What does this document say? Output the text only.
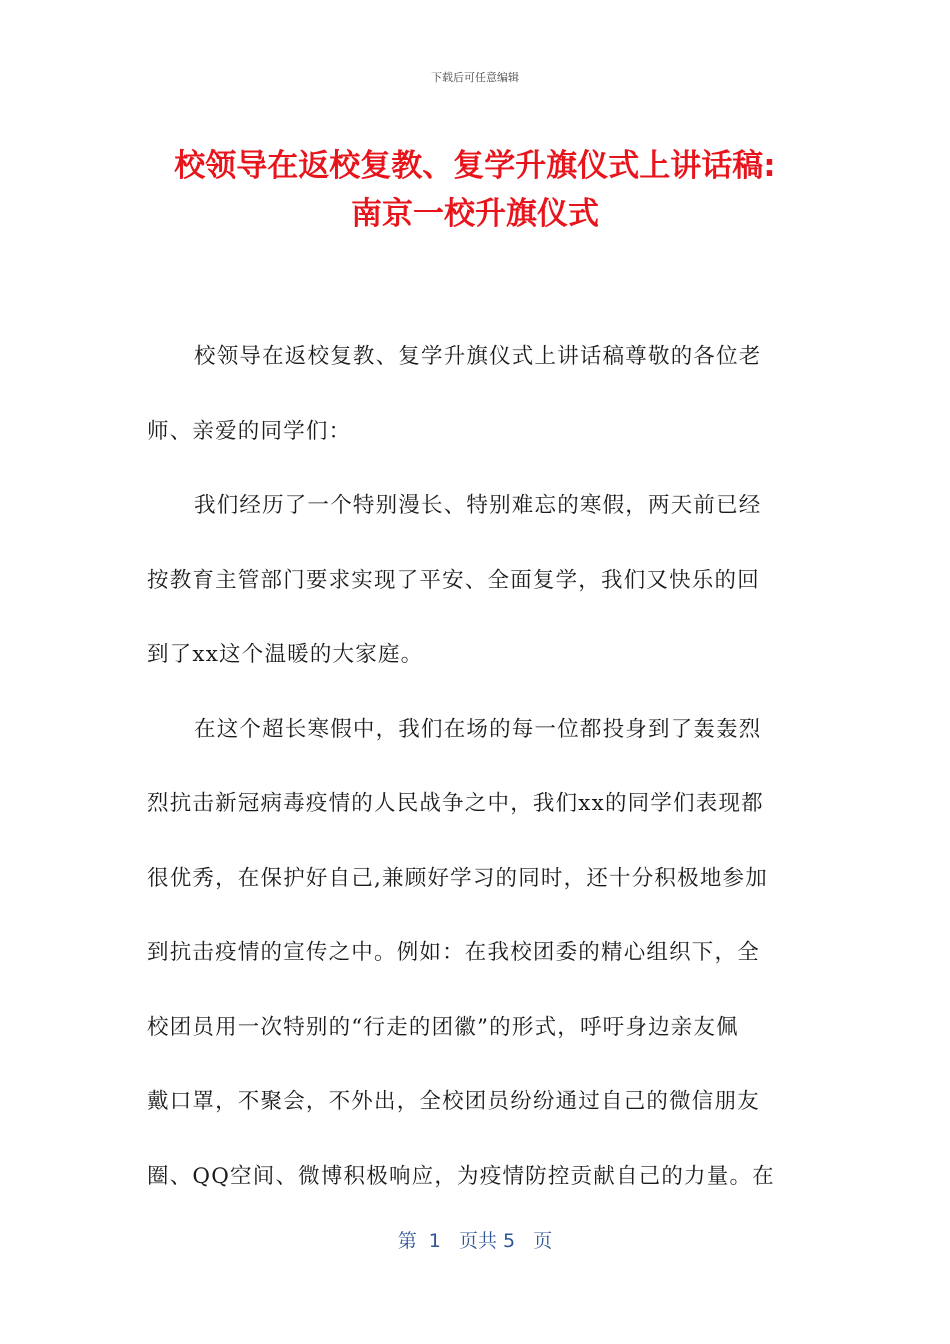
下载后可任意编辑
校领导在返校复教、复学升旗仪式上讲话稿:
南京一校升旗仪式
校领导在返校复教、复学升旗仪式上讲话稿尊敬的各位老
师、亲爱的同学们：
我们经历了一个特别漫长、特别难忘的寒假，两天前已经
按教育主管部门要求实现了平安、全面复学，我们又快乐的回
到了xx这个温暖的大家庭。
在这个超长寒假中，我们在场的每一位都投身到了轰轰烈
烈抗击新冠病毒疫情的人民战争之中，我们xx的同学们表现都
很优秀，在保护好自己,兼顾好学习的同时，还十分积极地参加
到抗击疫情的宣传之中。例如：在我校团委的精心组织下，全
校团员用一次特别的“行走的团徽”的形式，呼吁身边亲友佩
戴口罩，不聚会，不外出，全校团员纷纷通过自己的微信朋友
圈、QQ空间、微博积极响应，为疫情防控贡献自己的力量。在
第  1   页共 5   页
